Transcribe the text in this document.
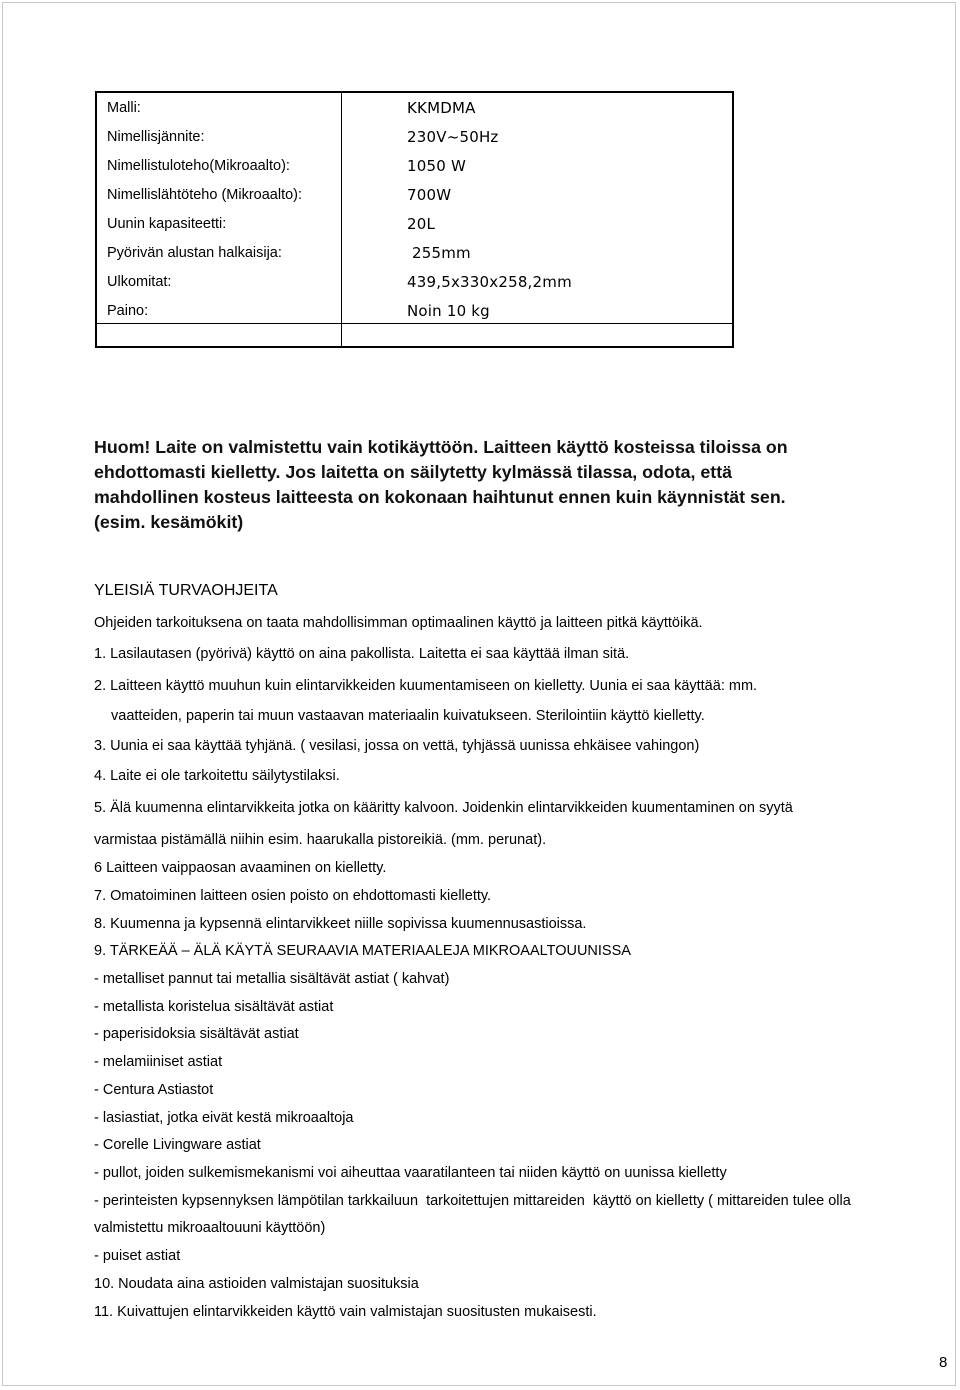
Malli:	KKMDMA
Nimellisjännite:	230V~50Hz
Nimellistuloteho(Mikroaalto):	1050 W
Nimellislähtöteho (Mikroaalto):	700W
Uunin kapasiteetti:	20L
Pyörivän alustan halkaisija:	255mm
Ulkomitat:	439,5x330x258,2mm
Paino:	Noin 10 kg
Huom! Laite on valmistettu vain kotikäyttöön. Laitteen käyttö kosteissa tiloissa on
ehdottomasti kielletty. Jos laitetta on säilytetty kylmässä tilassa, odota, että
mahdollinen kosteus laitteesta on kokonaan haihtunut ennen kuin käynnistät sen.
(esim. kesämökit)
YLEISIÄ TURVAOHJEITA
Ohjeiden tarkoituksena on taata mahdollisimman optimaalinen käyttö ja laitteen pitkä käyttöikä.
1. Lasilautasen (pyörivä) käyttö on aina pakollista. Laitetta ei saa käyttää ilman sitä.
2. Laitteen käyttö muuhun kuin elintarvikkeiden kuumentamiseen on kielletty. Uunia ei saa käyttää: mm.
vaatteiden, paperin tai muun vastaavan materiaalin kuivatukseen. Sterilointiin käyttö kielletty.
3. Uunia ei saa käyttää tyhjänä. ( vesilasi, jossa on vettä, tyhjässä uunissa ehkäisee vahingon)
4. Laite ei ole tarkoitettu säilytystilaksi.
5. Älä kuumenna elintarvikkeita jotka on kääritty kalvoon. Joidenkin elintarvikkeiden kuumentaminen on syytä
varmistaa pistämällä niihin esim. haarukalla pistoreikiä. (mm. perunat).
6 Laitteen vaippaosan avaaminen on kielletty.
7. Omatoiminen laitteen osien poisto on ehdottomasti kielletty.
8. Kuumenna ja kypsennä elintarvikkeet niille sopivissa kuumennusastioissa.
9. TÄRKEÄÄ – ÄLÄ KÄYTÄ SEURAAVIA MATERIAALEJA MIKROAALTOUUNISSA
- metalliset pannut tai metallia sisältävät astiat ( kahvat)
- metallista koristelua sisältävät astiat
- paperisidoksia sisältävät astiat
- melamiiniset astiat
- Centura Astiastot
- lasiastiat, jotka eivät kestä mikroaaltoja
- Corelle Livingware astiat
- pullot, joiden sulkemismekanismi voi aiheuttaa vaaratilanteen tai niiden käyttö on uunissa kielletty
- perinteisten kypsennyksen lämpötilan tarkkailuun  tarkoitettujen mittareiden  käyttö on kielletty ( mittareiden tulee olla
valmistettu mikroaaltouuni käyttöön)
- puiset astiat
10. Noudata aina astioiden valmistajan suosituksia
11. Kuivattujen elintarvikkeiden käyttö vain valmistajan suositusten mukaisesti.
8
